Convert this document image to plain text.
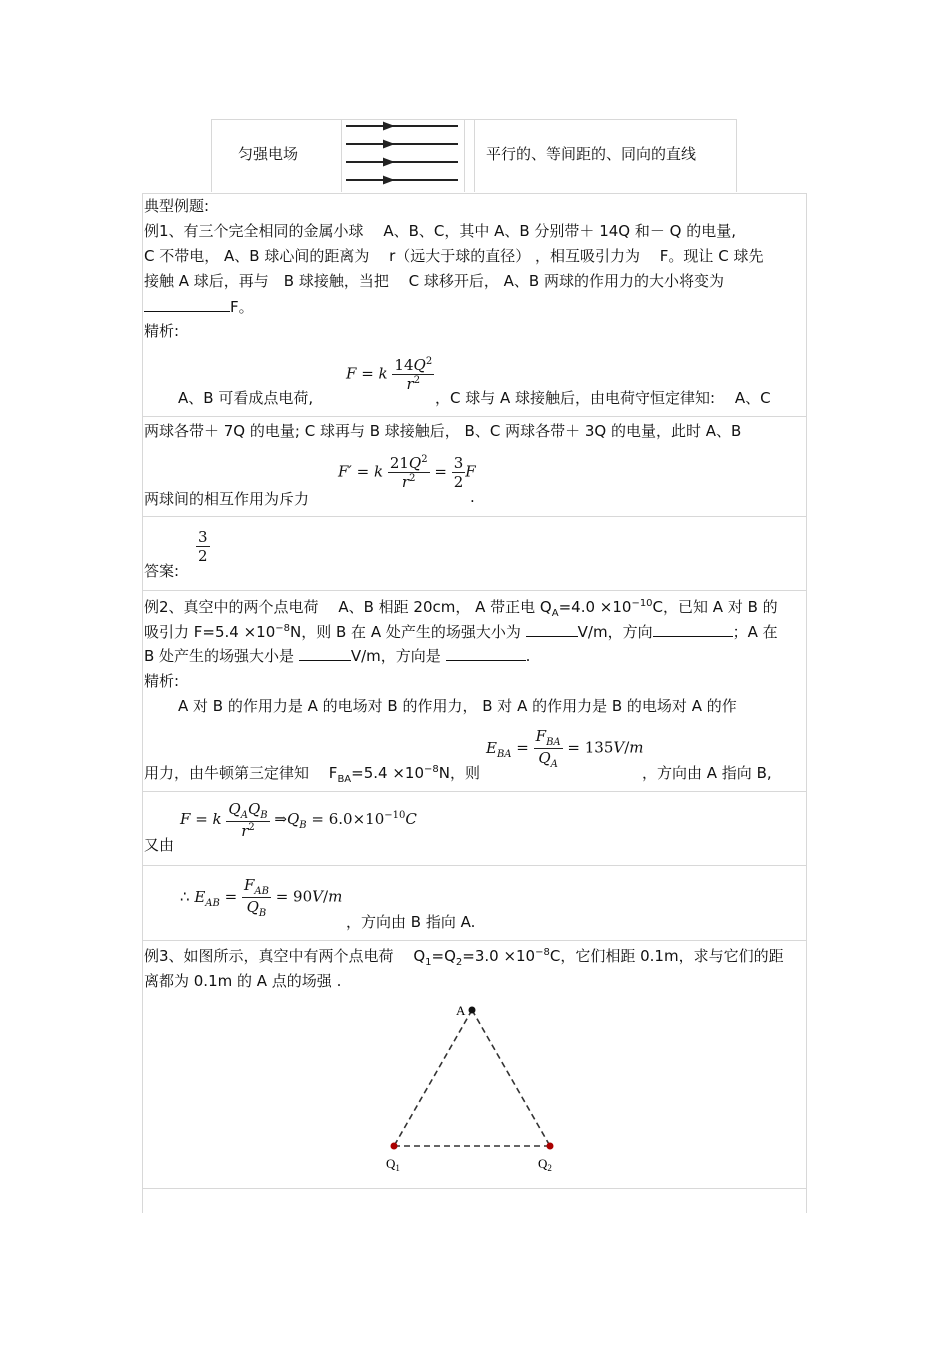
匀强电场	平行的、等间距的、同向的直线
典型例题:
例1、有三个完全相同的金属小球　 A、B、C，其中 A、B 分别带＋ 14Q 和－ Q 的电量,
C 不带电， A、B 球心间的距离为　 r（远大于球的直径） ，相互吸引力为　 F。现让 C 球先
接触 A 球后，再与　B 球接触，当把　 C 球移开后， A、B 两球的作用力的大小将变为
F。
精析:
A、B 可看成点电荷,
F = k $\frac{14Q^2}{r^2}$
，C 球与 A 球接触后，由电荷守恒定律知:　 A、C
两球各带＋ 7Q 的电量; C 球再与 B 球接触后， B、C 两球各带＋ 3Q 的电量，此时 A、B
两球间的相互作用为斥力
F′ = k $\frac{21Q^2}{r^2} = \frac{3}{2}$ F
.
答案:
$\frac{3}{2}$
例2、真空中的两个点电荷　 A、B 相距 20cm， A 带正电 $Q_A=4.0 \times 10^{-10}C$，已知 A 对 B 的
吸引力 $F=5.4 \times 10^{-8}N$，则 B 在 A 处产生的场强大小为	V/m，方向	；A 在
B 处产生的场强大小是	V/m，方向是	.
精析:
A 对 B 的作用力是 A 的电场对 B 的作用力， B 对 A 的作用力是 B 的电场对 A 的作
用力，由牛顿第三定律知　 $F_{BA}=5.4 \times 10^{-8}N$，则
$E_{BA} = \frac{F_{BA}}{Q_A} = 135V/m$
，方向由 A 指向 B,
F = k $\frac{Q_AQ_B}{r^2}$ $\Rightarrow Q_B = 6.0\times 10^{-10}C$
又由
∴ $E_{AB} = \frac{F_{AB}}{Q_B} = 90V/m$
，方向由 B 指向 A.
例3、如图所示，真空中有两个点电荷　 $Q_1=Q_2=3.0 \times 10^{-8}C$，它们相距 0.1m，求与它们的距
离都为 0.1m 的 A 点的场强 .
A
$Q_1$	$Q_2$
